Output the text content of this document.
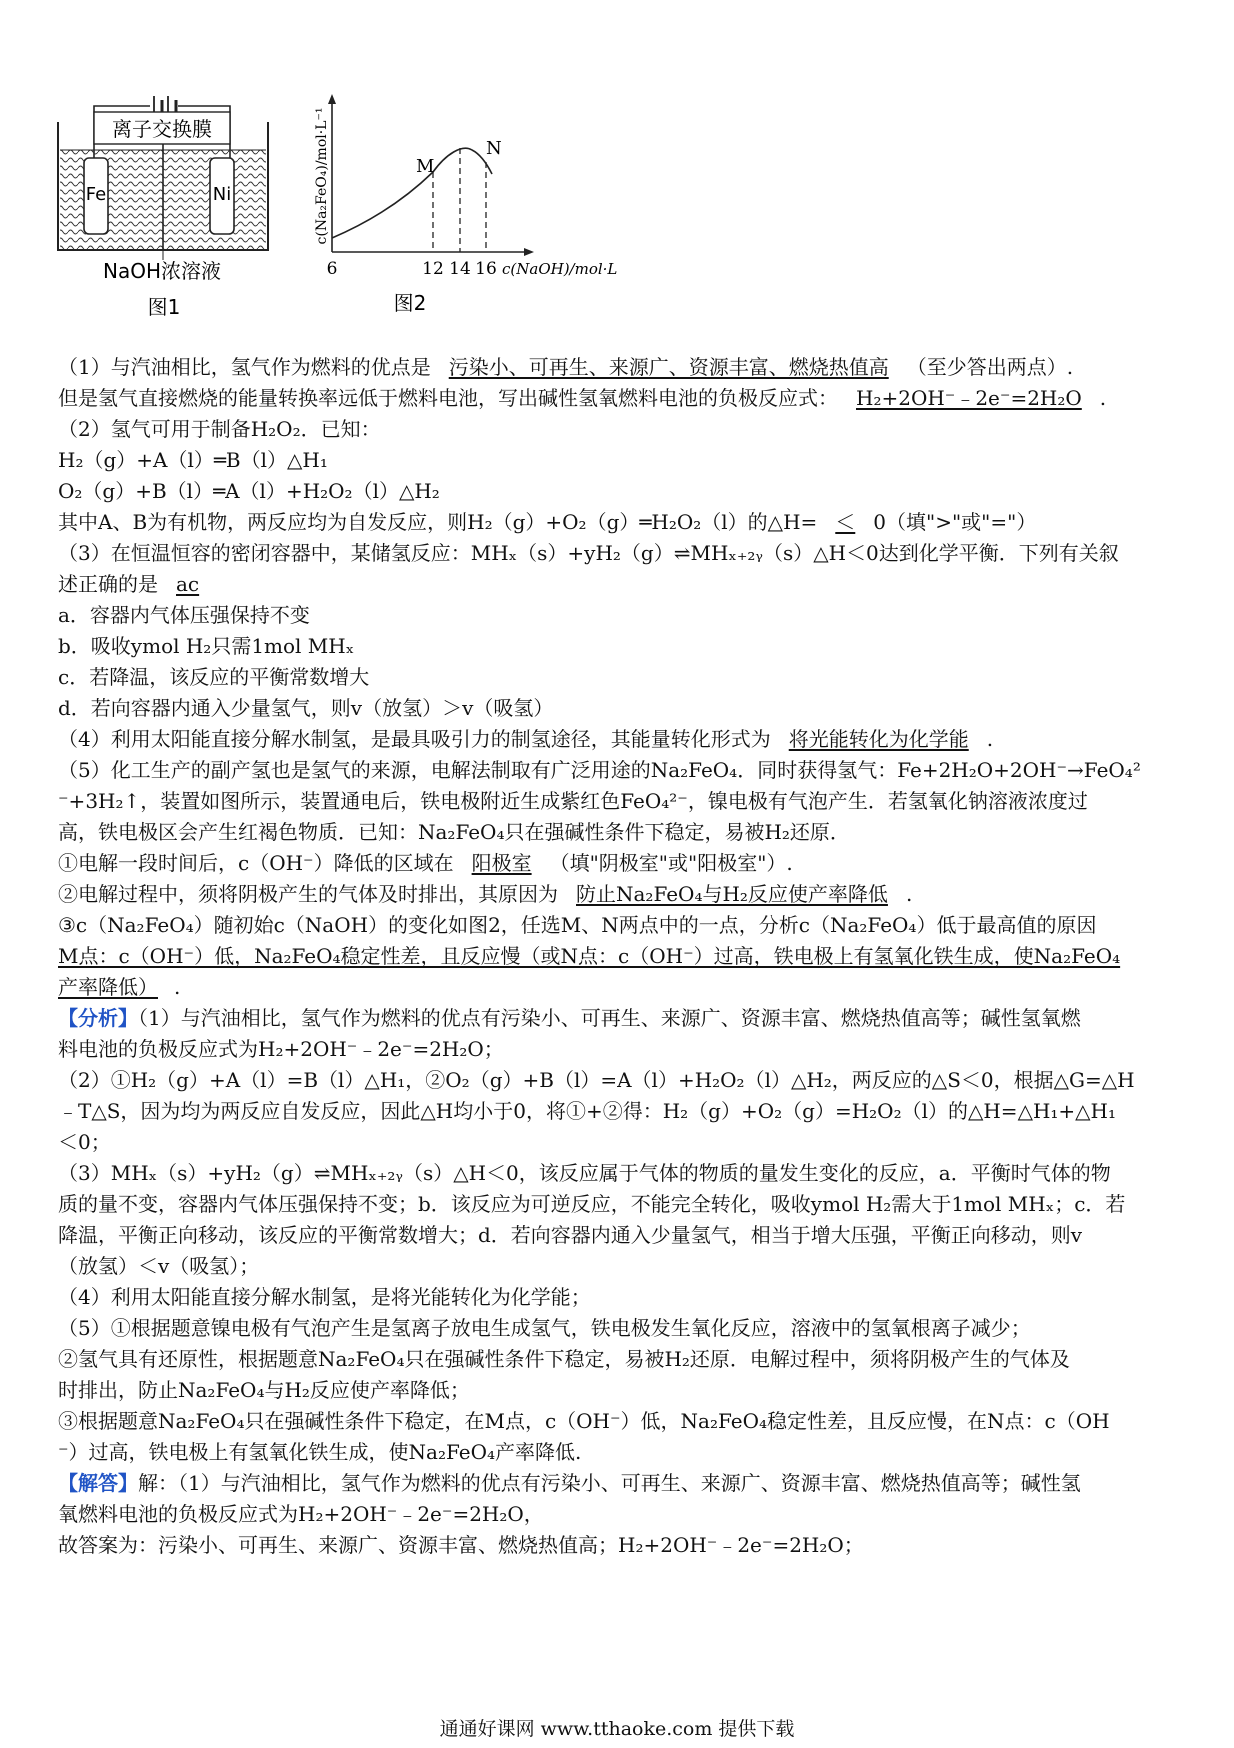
离子交换膜
Fe	Ni
NaOH浓溶液
图1
c(Na₂FeO₄)/mol·L⁻¹	M
N
6	12 14 16 c(NaOH)/mol·L
图2
（1）与汽油相比，氢气作为燃料的优点是 污染小、可再生、来源广、资源丰富、燃烧热值高 （至少答出两点）.
但是氢气直接燃烧的能量转换率远低于燃料电池，写出碱性氢氧燃料电池的负极反应式： H₂+2OH⁻﹣2e⁻=2H₂O .
（2）氢气可用于制备H₂O₂．已知：
H₂（g）+A（l）═B（l）△H₁
O₂（g）+B（l）═A（l）+H₂O₂（l）△H₂
其中A、B为有机物，两反应均为自发反应，则H₂（g）+O₂（g）═H₂O₂（l）的△H= ＜ 0（填">"或"="）
（3）在恒温恒容的密闭容器中，某储氢反应：MHₓ（s）+yH₂（g）⇌MHₓ₊₂ᵧ（s）△H＜0达到化学平衡．下列有关叙
述正确的是 ac
a．容器内气体压强保持不变
b．吸收ymol H₂只需1mol MHₓ
c．若降温，该反应的平衡常数增大
d．若向容器内通入少量氢气，则v（放氢）＞v（吸氢）
（4）利用太阳能直接分解水制氢，是最具吸引力的制氢途径，其能量转化形式为 将光能转化为化学能 .
（5）化工生产的副产氢也是氢气的来源，电解法制取有广泛用途的Na₂FeO₄．同时获得氢气：Fe+2H₂O+2OH⁻→FeO₄²
⁻+3H₂↑，装置如图所示，装置通电后，铁电极附近生成紫红色FeO₄²⁻，镍电极有气泡产生．若氢氧化钠溶液浓度过
高，铁电极区会产生红褐色物质．已知：Na₂FeO₄只在强碱性条件下稳定，易被H₂还原．
①电解一段时间后，c（OH⁻）降低的区域在 阳极室 （填"阴极室"或"阳极室"）.
②电解过程中，须将阴极产生的气体及时排出，其原因为 防止Na₂FeO₄与H₂反应使产率降低 .
③c（Na₂FeO₄）随初始c（NaOH）的变化如图2，任选M、N两点中的一点，分析c（Na₂FeO₄）低于最高值的原因
M点：c（OH⁻）低，Na₂FeO₄稳定性差，且反应慢（或N点：c（OH⁻）过高，铁电极上有氢氧化铁生成，使Na₂FeO₄
产率降低） .
【分析】（1）与汽油相比，氢气作为燃料的优点有污染小、可再生、来源广、资源丰富、燃烧热值高等；碱性氢氧燃
料电池的负极反应式为H₂+2OH⁻﹣2e⁻=2H₂O；
（2）①H₂（g）+A（l）=B（l）△H₁，②O₂（g）+B（l）=A（l）+H₂O₂（l）△H₂，两反应的△S＜0，根据△G=△H
﹣T△S，因为均为两反应自发反应，因此△H均小于0，将①+②得：H₂（g）+O₂（g）=H₂O₂（l）的△H=△H₁+△H₁
＜0；
（3）MHₓ（s）+yH₂（g）⇌MHₓ₊₂ᵧ（s）△H＜0，该反应属于气体的物质的量发生变化的反应，a．平衡时气体的物
质的量不变，容器内气体压强保持不变；b．该反应为可逆反应，不能完全转化，吸收ymol H₂需大于1mol MHₓ；c．若
降温，平衡正向移动，该反应的平衡常数增大；d．若向容器内通入少量氢气，相当于增大压强，平衡正向移动，则v
（放氢）＜v（吸氢）；
（4）利用太阳能直接分解水制氢，是将光能转化为化学能；
（5）①根据题意镍电极有气泡产生是氢离子放电生成氢气，铁电极发生氧化反应，溶液中的氢氧根离子减少；
②氢气具有还原性，根据题意Na₂FeO₄只在强碱性条件下稳定，易被H₂还原．电解过程中，须将阴极产生的气体及
时排出，防止Na₂FeO₄与H₂反应使产率降低；
③根据题意Na₂FeO₄只在强碱性条件下稳定，在M点，c（OH⁻）低，Na₂FeO₄稳定性差，且反应慢，在N点：c（OH
⁻）过高，铁电极上有氢氧化铁生成，使Na₂FeO₄产率降低.
【解答】解：（1）与汽油相比，氢气作为燃料的优点有污染小、可再生、来源广、资源丰富、燃烧热值高等；碱性氢
氧燃料电池的负极反应式为H₂+2OH⁻﹣2e⁻=2H₂O，
故答案为：污染小、可再生、来源广、资源丰富、燃烧热值高；H₂+2OH⁻﹣2e⁻=2H₂O；
通通好课网 www.tthaoke.com 提供下载
